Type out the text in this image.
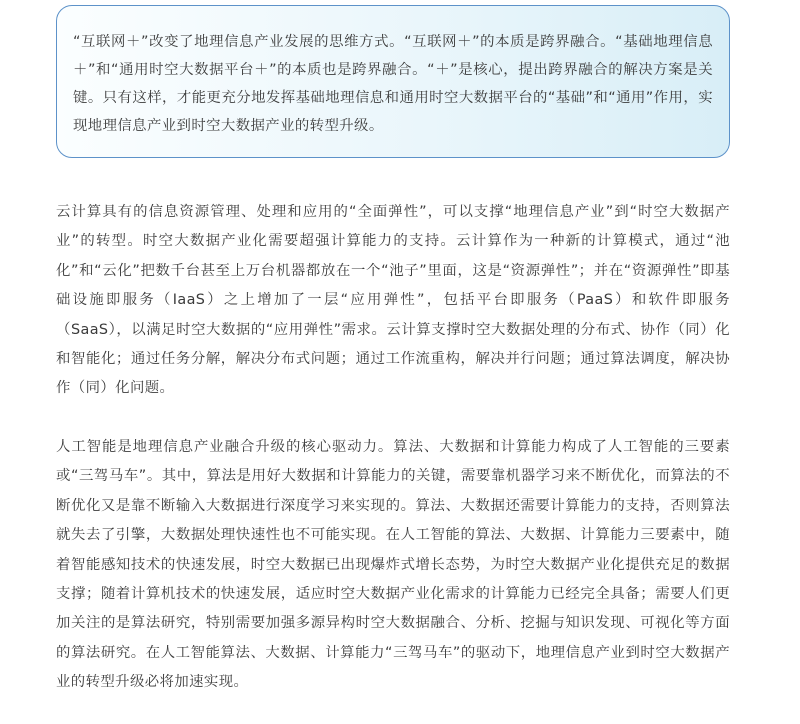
“互联网＋”改变了地理信息产业发展的思维方式。“互联网＋”的本质是跨界融合。“基础地理信息＋”和“通用时空大数据平台＋”的本质也是跨界融合。“＋”是核心，提出跨界融合的解决方案是关键。只有这样，才能更充分地发挥基础地理信息和通用时空大数据平台的“基础”和“通用”作用，实现地理信息产业到时空大数据产业的转型升级。

云计算具有的信息资源管理、处理和应用的“全面弹性”，可以支撑“地理信息产业”到“时空大数据产业”的转型。时空大数据产业化需要超强计算能力的支持。云计算作为一种新的计算模式，通过“池化”和“云化”把数千台甚至上万台机器都放在一个“池子”里面，这是“资源弹性”；并在“资源弹性”即基础设施即服务（IaaS）之上增加了一层“应用弹性”，包括平台即服务（PaaS）和软件即服务（SaaS），以满足时空大数据的“应用弹性”需求。云计算支撑时空大数据处理的分布式、协作（同）化和智能化；通过任务分解，解决分布式问题；通过工作流重构，解决并行问题；通过算法调度，解决协作（同）化问题。

人工智能是地理信息产业融合升级的核心驱动力。算法、大数据和计算能力构成了人工智能的三要素或“三驾马车”。其中，算法是用好大数据和计算能力的关键，需要靠机器学习来不断优化，而算法的不断优化又是靠不断输入大数据进行深度学习来实现的。算法、大数据还需要计算能力的支持，否则算法就失去了引擎，大数据处理快速性也不可能实现。在人工智能的算法、大数据、计算能力三要素中，随着智能感知技术的快速发展，时空大数据已出现爆炸式增长态势，为时空大数据产业化提供充足的数据支撑；随着计算机技术的快速发展，适应时空大数据产业化需求的计算能力已经完全具备；需要人们更加关注的是算法研究，特别需要加强多源异构时空大数据融合、分析、挖掘与知识发现、可视化等方面的算法研究。在人工智能算法、大数据、计算能力“三驾马车”的驱动下，地理信息产业到时空大数据产业的转型升级必将加速实现。
